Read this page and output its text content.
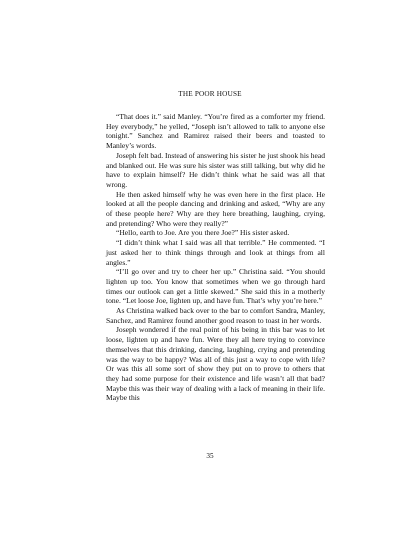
THE POOR HOUSE

“That does it.” said Manley. “You’re fired as a comforter my friend. Hey everybody,” he yelled, “Joseph isn’t allowed to talk to anyone else tonight.” Sanchez and Ramirez raised their beers and toasted to Manley’s words.

Joseph felt bad. Instead of answering his sister he just shook his head and blanked out. He was sure his sister was still talking, but why did he have to explain himself? He didn’t think what he said was all that wrong.

He then asked himself why he was even here in the first place. He looked at all the people dancing and drinking and asked, “Why are any of these people here? Why are they here breathing, laughing, crying, and pretending? Who were they really?”

“Hello, earth to Joe. Are you there Joe?” His sister asked.

“I didn’t think what I said was all that terrible.” He commented. “I just asked her to think things through and look at things from all angles.”

“I’ll go over and try to cheer her up.” Christina said. “You should lighten up too. You know that sometimes when we go through hard times our outlook can get a little skewed.” She said this in a motherly tone. “Let loose Joe, lighten up, and have fun. That’s why you’re here.”

As Christina walked back over to the bar to comfort Sandra, Manley, Sanchez, and Ramirez found another good reason to toast in her words.

Joseph wondered if the real point of his being in this bar was to let loose, lighten up and have fun. Were they all here trying to convince themselves that this drinking, dancing, laughing, crying and pretending was the way to be happy? Was all of this just a way to cope with life? Or was this all some sort of show they put on to prove to others that they had some purpose for their existence and life wasn’t all that bad? Maybe this was their way of dealing with a lack of meaning in their life. Maybe this

35
